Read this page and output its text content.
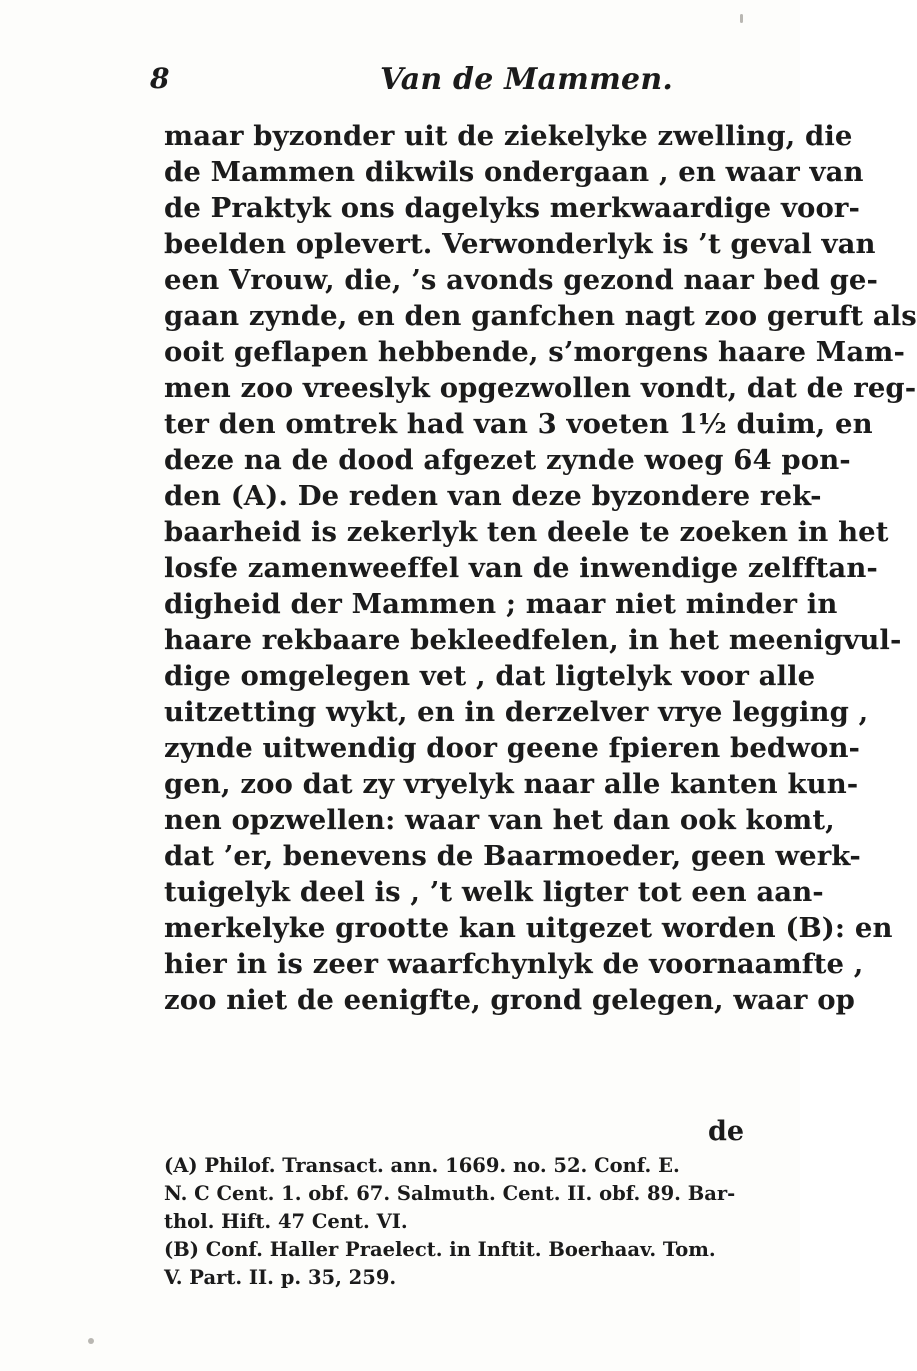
8	Van de Mammen.
maar byzonder uit de ziekelyke zwelling, die
de Mammen dikwils ondergaan , en waar van
de Praktyk ons dagelyks merkwaardige voor-
beelden oplevert. Verwonderlyk is ’t geval van
een Vrouw, die, ’s avonds gezond naar bed ge-
gaan zynde, en den ganfchen nagt zoo geruft als
ooit geflapen hebbende, s’morgens haare Mam-
men zoo vreeslyk opgezwollen vondt, dat de reg-
ter den omtrek had van 3 voeten 1½ duim, en
deze na de dood afgezet zynde woeg 64 pon-
den (A). De reden van deze byzondere rek-
baarheid is zekerlyk ten deele te zoeken in het
losfe zamenweeffel van de inwendige zelfftan-
digheid der Mammen ; maar niet minder in
haare rekbaare bekleedfelen, in het meenigvul-
dige omgelegen vet , dat ligtelyk voor alle
uitzetting wykt, en in derzelver vrye legging ,
zynde uitwendig door geene fpieren bedwon-
gen, zoo dat zy vryelyk naar alle kanten kun-
nen opzwellen: waar van het dan ook komt,
dat ’er, benevens de Baarmoeder, geen werk-
tuigelyk deel is , ’t welk ligter tot een aan-
merkelyke grootte kan uitgezet worden (B): en
hier in is zeer waarfchynlyk de voornaamfte ,
zoo niet de eenigfte, grond gelegen, waar op
de
(A) Philof. Transact. ann. 1669. no. 52. Conf. E.
N. C Cent. 1. obf. 67. Salmuth. Cent. II. obf. 89. Bar-
thol. Hift. 47 Cent. VI.
(B) Conf. Haller Praelect. in Inftit. Boerhaav. Tom.
V. Part. II. p. 35, 259.
